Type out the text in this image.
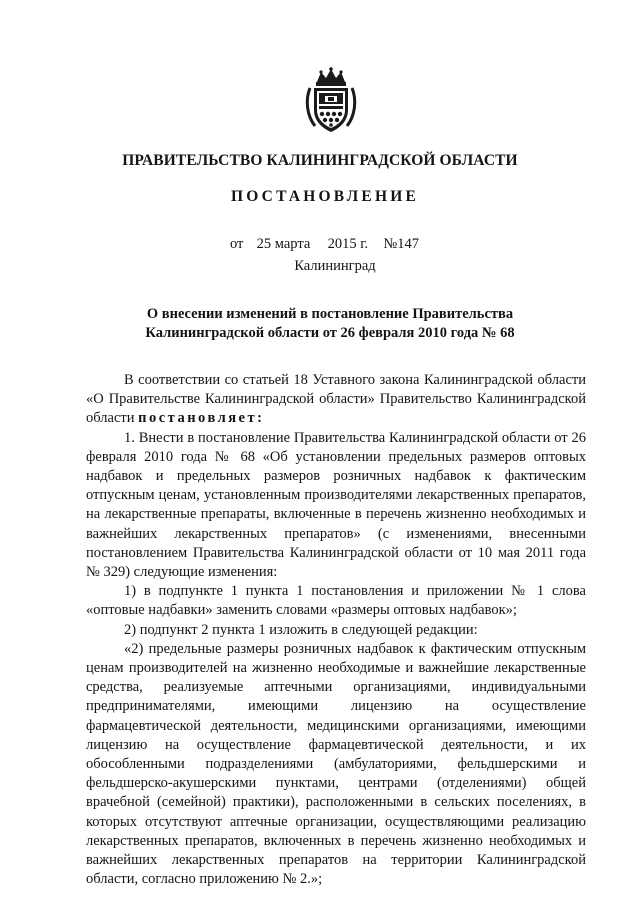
ПРАВИТЕЛЬСТВО КАЛИНИНГРАДСКОЙ ОБЛАСТИ
ПОСТАНОВЛЕНИЕ
от 25 марта 2015 г. №147
Калининград
О внесении изменений в постановление Правительства
Калининградской области от 26 февраля 2010 года № 68

В соответствии со статьей 18 Уставного закона Калининградской области «О Правительстве Калининградской области» Правительство Калининградской области постановляет:

1. Внести в постановление Правительства Калининградской области от 26 февраля 2010 года № 68 «Об установлении предельных размеров оптовых надбавок и предельных размеров розничных надбавок к фактическим отпускным ценам, установленным производителями лекарственных препаратов, на лекарственные препараты, включенные в перечень жизненно необходимых и важнейших лекарственных препаратов» (с изменениями, внесенными постановлением Правительства Калининградской области от 10 мая 2011 года № 329) следующие изменения:

1) в подпункте 1 пункта 1 постановления и приложении № 1 слова «оптовые надбавки» заменить словами «размеры оптовых надбавок»;

2) подпункт 2 пункта 1 изложить в следующей редакции:

«2) предельные размеры розничных надбавок к фактическим отпускным ценам производителей на жизненно необходимые и важнейшие лекарственные средства, реализуемые аптечными организациями, индивидуальными предпринимателями, имеющими лицензию на осуществление фармацевтической деятельности, медицинскими организациями, имеющими лицензию на осуществление фармацевтической деятельности, и их обособленными подразделениями (амбулаториями, фельдшерскими и фельдшерско-акушерскими пунктами, центрами (отделениями) общей врачебной (семейной) практики), расположенными в сельских поселениях, в которых отсутствуют аптечные организации, осуществляющими реализацию лекарственных препаратов, включенных в перечень жизненно необходимых и важнейших лекарственных препаратов на территории Калининградской области, согласно приложению № 2.»;
